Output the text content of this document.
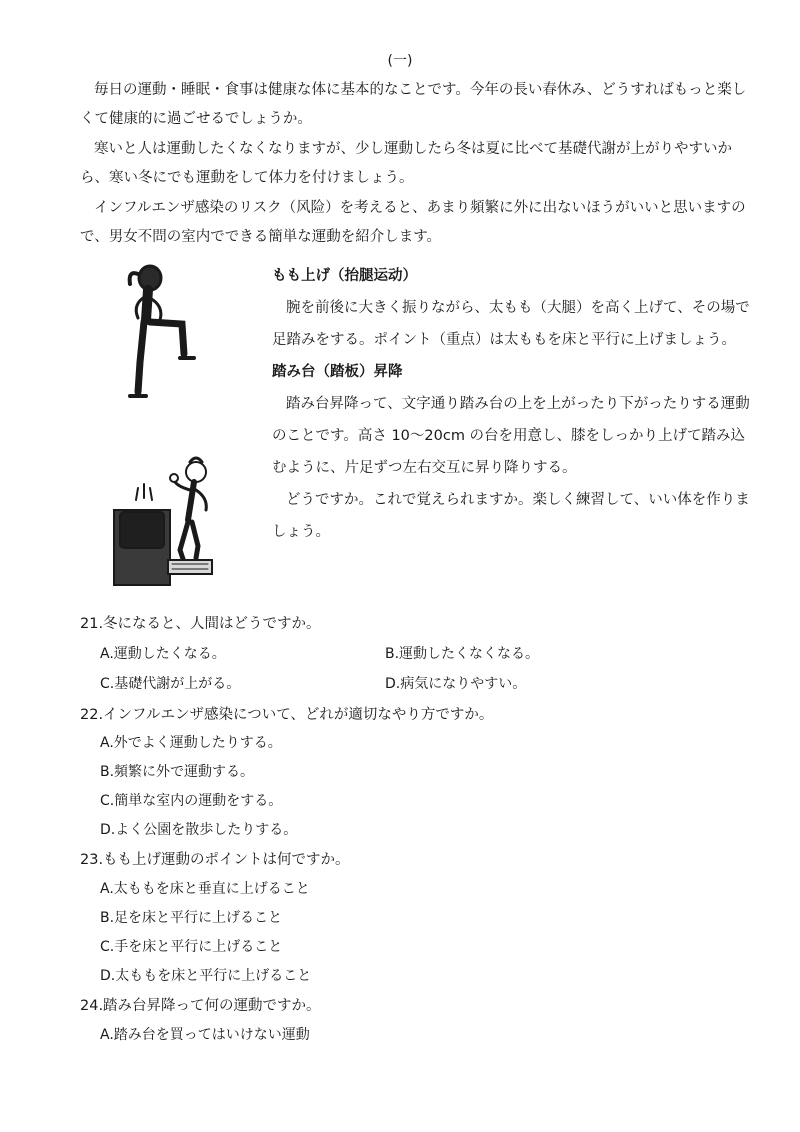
(一)

毎日の運動・睡眠・食事は健康な体に基本的なことです。今年の長い春休み、どうすればもっと楽しくて健康的に過ごせるでしょうか。

寒いと人は運動したくなくなりますが、少し運動したら冬は夏に比べて基礎代謝が上がりやすいから、寒い冬にでも運動をして体力を付けましょう。

インフルエンザ感染のリスク（风险）を考えると、あまり頻繁に外に出ないほうがいいと思いますので、男女不問の室内でできる簡単な運動を紹介します。

もも上げ（抬腿运动）
腕を前後に大きく振りながら、太もも（大腿）を高く上げて、その場で足踏みをする。ポイント（重点）は太ももを床と平行に上げましょう。
踏み台（踏板）昇降
踏み台昇降って、文字通り踏み台の上を上がったり下がったりする運動のことです。高さ 10～20cm の台を用意し、膝をしっかり上げて踏み込むように、片足ずつ左右交互に昇り降りする。
どうですか。これで覚えられますか。楽しく練習して、いい体を作りましょう。
21.冬になると、人間はどうですか。
A.運動したくなる。	B.運動したくなくなる。
C.基礎代謝が上がる。	D.病気になりやすい。
22.インフルエンザ感染について、どれが適切なやり方ですか。
A.外でよく運動したりする。
B.頻繁に外で運動する。
C.簡単な室内の運動をする。
D.よく公園を散歩したりする。
23.もも上げ運動のポイントは何ですか。
A.太ももを床と垂直に上げること
B.足を床と平行に上げること
C.手を床と平行に上げること
D.太ももを床と平行に上げること
24.踏み台昇降って何の運動ですか。
A.踏み台を買ってはいけない運動
